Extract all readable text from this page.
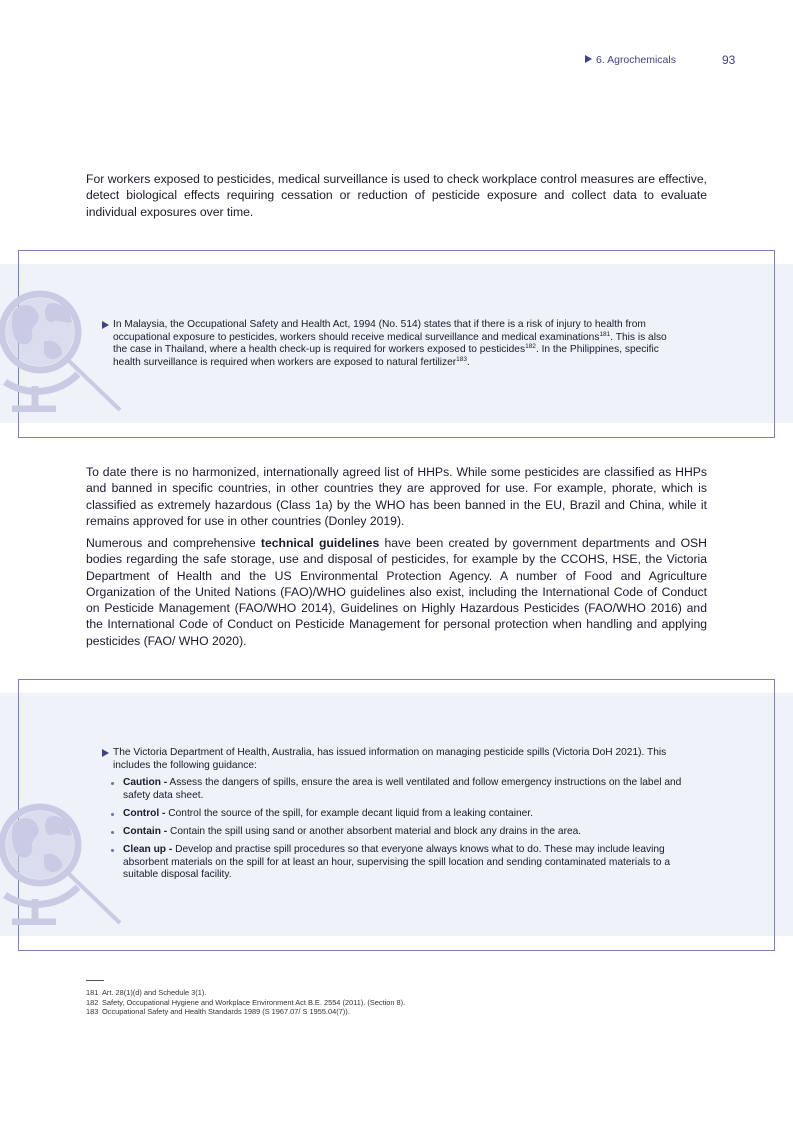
6. Agrochemicals	93

For workers exposed to pesticides, medical surveillance is used to check workplace control measures are effective, detect biological effects requiring cessation or reduction of pesticide exposure and collect data to evaluate individual exposures over time.

In Malaysia, the Occupational Safety and Health Act, 1994 (No. 514) states that if there is a risk of injury to health from occupational exposure to pesticides, workers should receive medical surveillance and medical examinations$^{181}$. This is also the case in Thailand, where a health check-up is required for workers exposed to pesticides$^{182}$. In the Philippines, specific health surveillance is required when workers are exposed to natural fertilizer$^{183}$.

To date there is no harmonized, internationally agreed list of HHPs. While some pesticides are classified as HHPs and banned in specific countries, in other countries they are approved for use. For example, phorate, which is classified as extremely hazardous (Class 1a) by the WHO has been banned in the EU, Brazil and China, while it remains approved for use in other countries (Donley 2019).

Numerous and comprehensive technical guidelines have been created by government departments and OSH bodies regarding the safe storage, use and disposal of pesticides, for example by the CCOHS, HSE, the Victoria Department of Health and the US Environmental Protection Agency. A number of Food and Agriculture Organization of the United Nations (FAO)/WHO guidelines also exist, including the International Code of Conduct on Pesticide Management (FAO/WHO 2014), Guidelines on Highly Hazardous Pesticides (FAO/WHO 2016) and the International Code of Conduct on Pesticide Management for personal protection when handling and applying pesticides (FAO/ WHO 2020).

The Victoria Department of Health, Australia, has issued information on managing pesticide spills (Victoria DoH 2021). This includes the following guidance:
Caution - Assess the dangers of spills, ensure the area is well ventilated and follow emergency instructions on the label and safety data sheet.
Control - Control the source of the spill, for example decant liquid from a leaking container.
Contain - Contain the spill using sand or another absorbent material and block any drains in the area.
Clean up - Develop and practise spill procedures so that everyone always knows what to do. These may include leaving absorbent materials on the spill for at least an hour, supervising the spill location and sending contaminated materials to a suitable disposal facility.
181 Art. 28(1)(d) and Schedule 3(1).
182 Safety, Occupational Hygiene and Workplace Environment Act B.E. 2554 (2011). (Section 8).
183 Occupational Safety and Health Standards 1989 (S 1967.07/ S 1955.04(7)).
